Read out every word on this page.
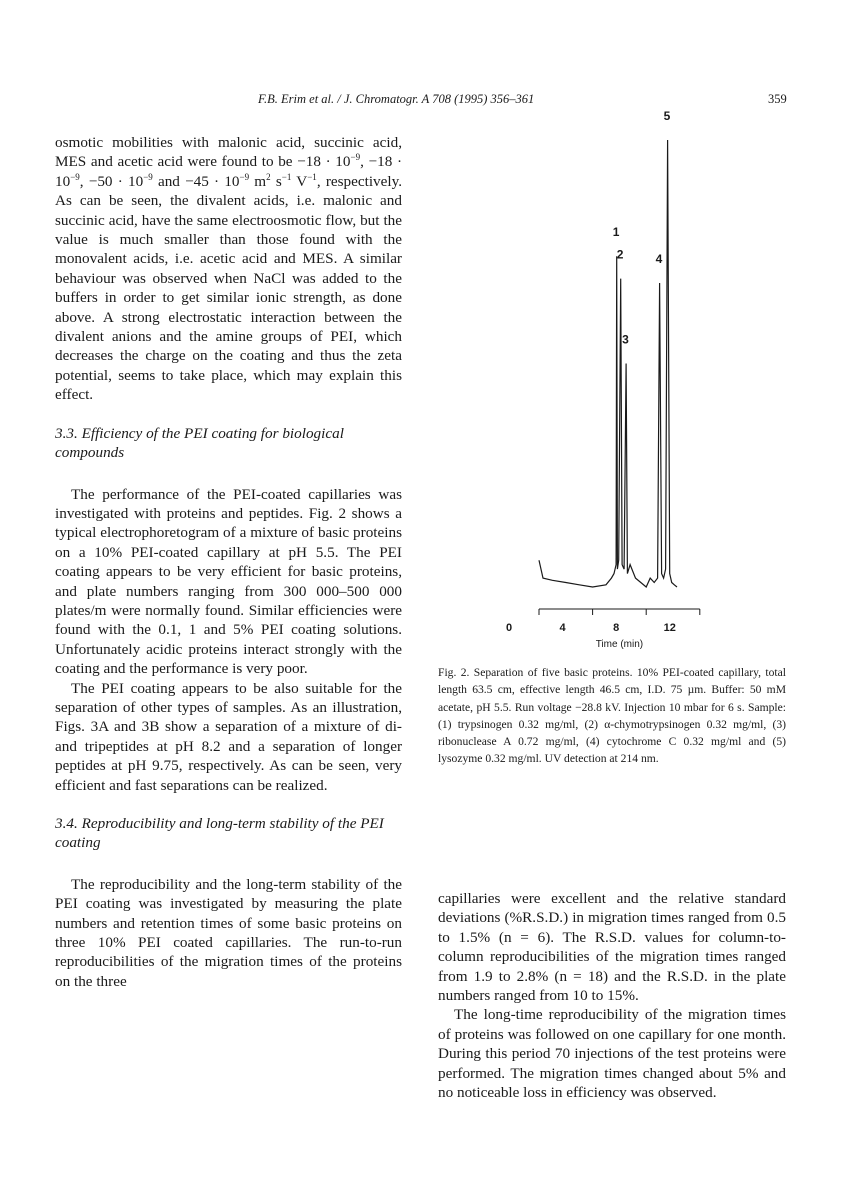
F.B. Erim et al. / J. Chromatogr. A 708 (1995) 356–361	359

osmotic mobilities with malonic acid, succinic acid, MES and acetic acid were found to be $-18 \cdot 10^{-9}$, $-18 \cdot 10^{-9}$, $-50 \cdot 10^{-9}$ and $-45 \cdot 10^{-9}$ $m^2$ $s^{-1}$ $V^{-1}$, respectively. As can be seen, the divalent acids, i.e. malonic and succinic acid, have the same electroosmotic flow, but the value is much smaller than those found with the monovalent acids, i.e. acetic acid and MES. A similar behaviour was observed when NaCl was added to the buffers in order to get similar ionic strength, as done above. A strong electrostatic interaction between the divalent anions and the amine groups of PEI, which decreases the charge on the coating and thus the zeta potential, seems to take place, which may explain this effect.

3.3. Efficiency of the PEI coating for biological compounds

The performance of the PEI-coated capillaries was investigated with proteins and peptides. Fig. 2 shows a typical electrophoretogram of a mixture of basic proteins on a 10% PEI-coated capillary at pH 5.5. The PEI coating appears to be very efficient for basic proteins, and plate numbers ranging from 300 000–500 000 plates/m were normally found. Similar efficiencies were found with the 0.1, 1 and 5% PEI coating solutions. Unfortunately acidic proteins interact strongly with the coating and the performance is very poor.

The PEI coating appears to be also suitable for the separation of other types of samples. As an illustration, Figs. 3A and 3B show a separation of a mixture of di- and tripeptides at pH 8.2 and a separation of longer peptides at pH 9.75, respectively. As can be seen, very efficient and fast separations can be realized.

3.4. Reproducibility and long-term stability of the PEI coating

The reproducibility and the long-term stability of the PEI coating was investigated by measuring the plate numbers and retention times of some basic proteins on three 10% PEI coated capillaries. The run-to-run reproducibilities of the migration times of the proteins on the three

1
2
3
4
5
0	4	8	12
Time (min)

Fig. 2. Separation of five basic proteins. 10% PEI-coated capillary, total length 63.5 cm, effective length 46.5 cm, I.D. 75 µm. Buffer: 50 mM acetate, pH 5.5. Run voltage −28.8 kV. Injection 10 mbar for 6 s. Sample: (1) trypsinogen 0.32 mg/ml, (2) α-chymotrypsinogen 0.32 mg/ml, (3) ribonuclease A 0.72 mg/ml, (4) cytochrome C 0.32 mg/ml and (5) lysozyme 0.32 mg/ml. UV detection at 214 nm.

capillaries were excellent and the relative standard deviations (%R.S.D.) in migration times ranged from 0.5 to 1.5% (n = 6). The R.S.D. values for column-to-column reproducibilities of the migration times ranged from 1.9 to 2.8% (n = 18) and the R.S.D. in the plate numbers ranged from 10 to 15%.

The long-time reproducibility of the migration times of proteins was followed on one capillary for one month. During this period 70 injections of the test proteins were performed. The migration times changed about 5% and no noticeable loss in efficiency was observed.
